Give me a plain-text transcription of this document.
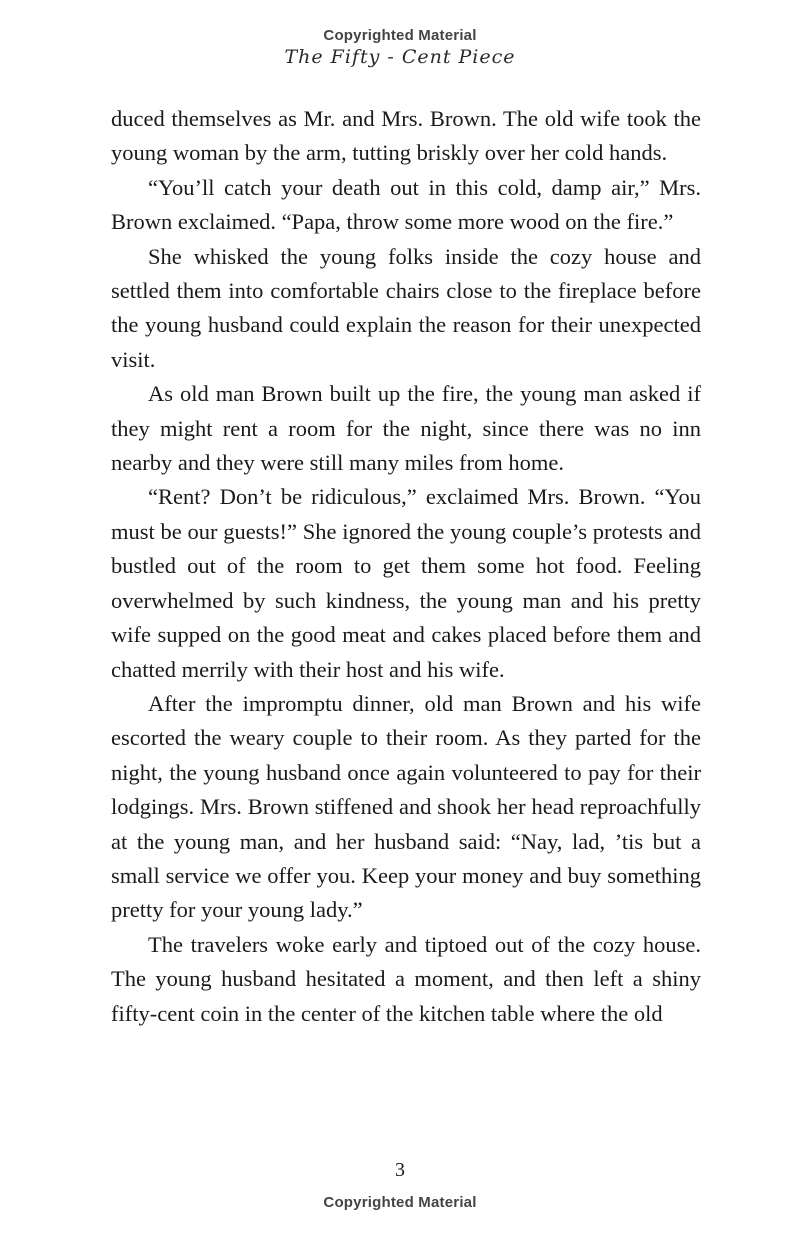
Copyrighted Material
The Fifty - Cent Piece

duced themselves as Mr. and Mrs. Brown. The old wife took the young woman by the arm, tutting briskly over her cold hands.

“You’ll catch your death out in this cold, damp air,” Mrs. Brown exclaimed. “Papa, throw some more wood on the fire.”

She whisked the young folks inside the cozy house and settled them into comfortable chairs close to the fireplace before the young husband could explain the reason for their unexpected visit.

As old man Brown built up the fire, the young man asked if they might rent a room for the night, since there was no inn nearby and they were still many miles from home.

“Rent? Don’t be ridiculous,” exclaimed Mrs. Brown. “You must be our guests!” She ignored the young couple’s protests and bustled out of the room to get them some hot food. Feeling overwhelmed by such kindness, the young man and his pretty wife supped on the good meat and cakes placed before them and chatted merrily with their host and his wife.

After the impromptu dinner, old man Brown and his wife escorted the weary couple to their room. As they parted for the night, the young husband once again volunteered to pay for their lodgings. Mrs. Brown stiffened and shook her head reproachfully at the young man, and her husband said: “Nay, lad, ’tis but a small service we offer you. Keep your money and buy something pretty for your young lady.”

The travelers woke early and tiptoed out of the cozy house. The young husband hesitated a moment, and then left a shiny fifty-cent coin in the center of the kitchen table where the old

3
Copyrighted Material
